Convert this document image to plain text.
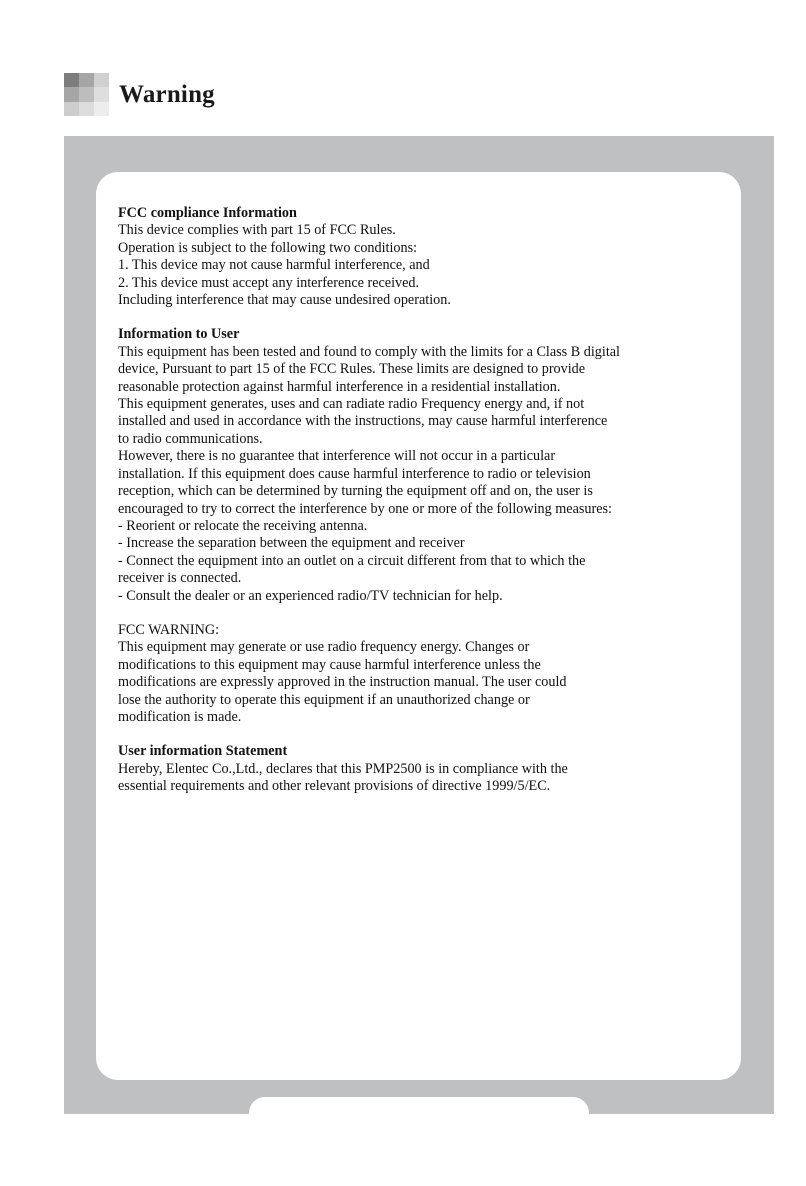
Warning
FCC compliance Information
This device complies with part 15 of FCC Rules.
Operation is subject to the following two conditions:
1. This device may not cause harmful interference, and
2. This device must accept any interference received.
Including interference that may cause undesired operation.
Information to User
This equipment has been tested and found to comply with the limits for a Class B digital
device, Pursuant to part 15 of the FCC Rules. These limits are designed to provide
reasonable protection against harmful interference in a residential installation.
This equipment generates, uses and can radiate radio Frequency energy and, if not
installed and used in accordance with the instructions, may cause harmful interference
to radio communications.
However, there is no guarantee that interference will not occur in a particular
installation. If this equipment does cause harmful interference to radio or television
reception, which can be determined by turning the equipment off and on, the user is
encouraged to try to correct the interference by one or more of the following measures:
- Reorient or relocate the receiving antenna.
- Increase the separation between the equipment and receiver
- Connect the equipment into an outlet on a circuit different from that to which the
receiver is connected.
- Consult the dealer or an experienced radio/TV technician for help.
FCC WARNING:
This equipment may generate or use radio frequency energy. Changes or
modifications to this equipment may cause harmful interference unless the
modifications are expressly approved in the instruction manual. The user could
lose the authority to operate this equipment if an unauthorized change or
modification is made.
User information Statement
Hereby, Elentec Co.,Ltd., declares that this PMP2500 is in compliance with the
essential requirements and other relevant provisions of directive 1999/5/EC.
